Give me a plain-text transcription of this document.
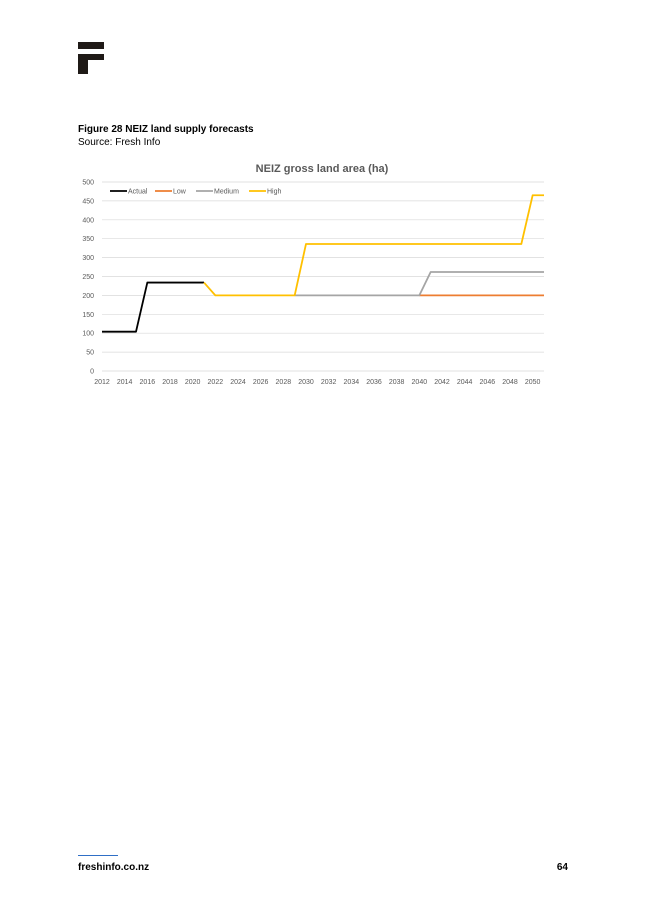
Figure 28 NEIZ land supply forecasts
Source: Fresh Info
NEIZ gross land area (ha)
0
50
100
150
200
250
300
350
400
450
500
2012 2014 2016 2018 2020 2022 2024 2026 2028 2030 2032 2034 2036 2038 2040 2042 2044 2046 2048 2050
Actual	Low	Medium	High
freshinfo.co.nz	64
